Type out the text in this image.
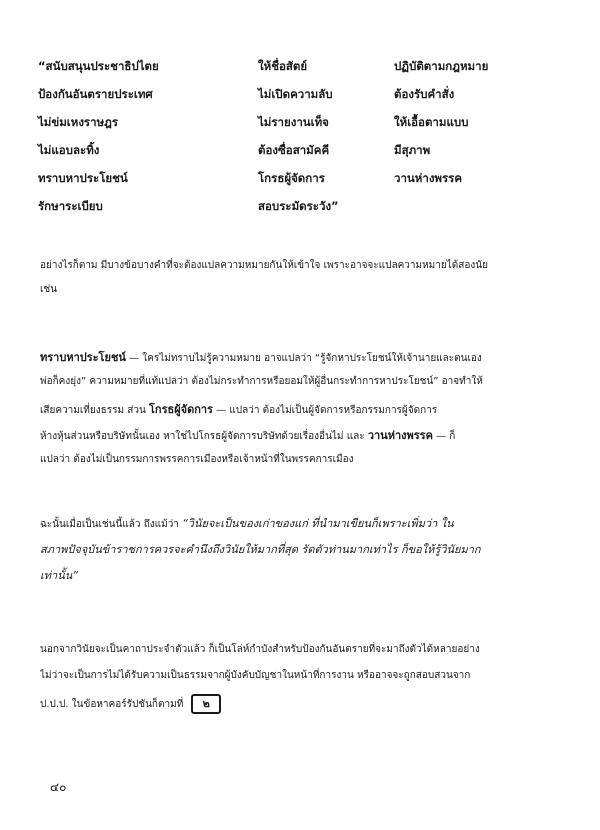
“สนับสนุนประชาธิปไตย	ให้ชื่อสัตย์	ปฏิบัติตามกฎหมาย
ป้องกันอันตรายประเทศ	ไม่เปิดความลับ	ต้องรับคำสั่ง
ไม่ข่มเหงราษฎร	ไม่รายงานเท็จ	ให้เอื้อตามแบบ
ไม่แอบละทิ้ง	ต้องซื่อสามัคคี	มีสุภาพ
ทราบหาประโยชน์	โกรธผู้จัดการ	วานห่างพรรค
รักษาระเบียบ	สอบระมัดระวัง”
อย่างไรก็ตาม มีบางข้อบางคำที่จะต้องแปลความหมายกันให้เข้าใจ เพราะอาจจะแปลความหมายได้สองนัย
เช่น
ทราบหาประโยชน์ — ใครไม่ทราบไม่รู้ความหมาย อาจแปลว่า “รู้จักหาประโยชน์ให้เจ้านายและตนเอง
พ่อก็คงยุ่ง” ความหมายที่แท้แปลว่า ต้องไม่กระทำการหรือยอมให้ผู้อื่นกระทำการหาประโยชน์” อาจทำให้
เสียความเที่ยงธรรม ส่วน โกรธผู้จัดการ — แปลว่า ต้องไม่เป็นผู้จัดการหรือกรรมการผู้จัดการ
ห้างหุ้นส่วนหรือบริษัทนั้นเอง หาใช่ไปโกรธผู้จัดการบริษัทด้วยเรื่องอื่นไม่ และ วานห่างพรรค — ก็
แปลว่า ต้องไม่เป็นกรรมการพรรคการเมืองหรือเจ้าหน้าที่ในพรรคการเมือง
ฉะนั้นเมื่อเป็นเช่นนี้แล้ว ถึงแม้ว่า “วินัยจะเป็นของเก่าของแก่ ที่นำมาเขียนก็เพราะเพิ่มว่า ใน
สภาพปัจจุบันข้าราชการควรจะคำนึงถึงวินัยให้มากที่สุด รัดตัวท่านมากเท่าไร ก็ขอให้รู้วินัยมาก
เท่านั้น”
นอกจากวินัยจะเป็นคาถาประจำตัวแล้ว ก็เป็นโล่ห์กำบังสำหรับป้องกันอันตรายที่จะมาถึงตัวได้หลายอย่าง
ไม่ว่าจะเป็นการไม่ได้รับความเป็นธรรมจากผู้บังคับบัญชาในหน้าที่การงาน หรืออาจจะถูกสอบสวนจาก
ป.ป.ป. ในข้อหาคอร์รัปชันก็ตามที่ ๒
๔๐
